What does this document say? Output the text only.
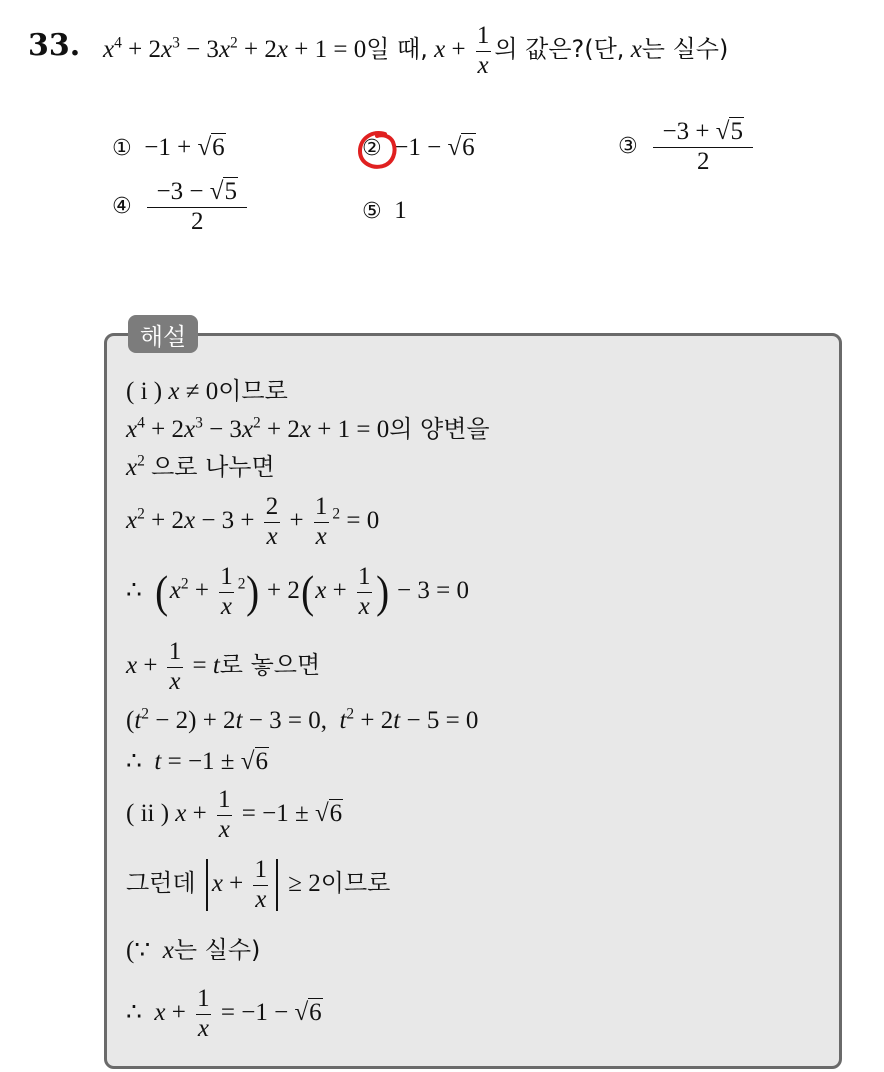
33. $x^4 + 2x^3 - 3x^2 + 2x + 1 = 0$일 때, $x + \frac{1}{x}$ 의 값은?(단, x는 실수)
①  −1 + √6	②  −1 − √6	③ $\frac{-3 + √5}{2}$
④ $\frac{-3 - √5}{2}$	⑤  1
해설
( i ) x ≠ 0이므로
$x^4 + 2x^3 - 3x^2 + 2x + 1 = 0$의 양변을
$x^2$ 으로 나누면
$x^2 + 2x - 3 + \frac{2}{x} + \frac{1}{x} ^2 = 0$
∴  $(x^2 + \frac{1}{x} ^2) + 2(x + \frac{1}{x}$ ) − 3 = 0
$x + \frac{1}{x} = t$로 놓으면
$(t^2 - 2) + 2t - 3 = 0$,  $t^2 + 2t - 5 = 0$
∴  t = −1 ± √6
( ii ) $x + \frac{1}{x} = -1 \pm √6$
그런데 $x + \frac{1}{x} \ge 2$이므로
(∵ x는 실수)
∴  $x + \frac{1}{x} = -1 - √6$
